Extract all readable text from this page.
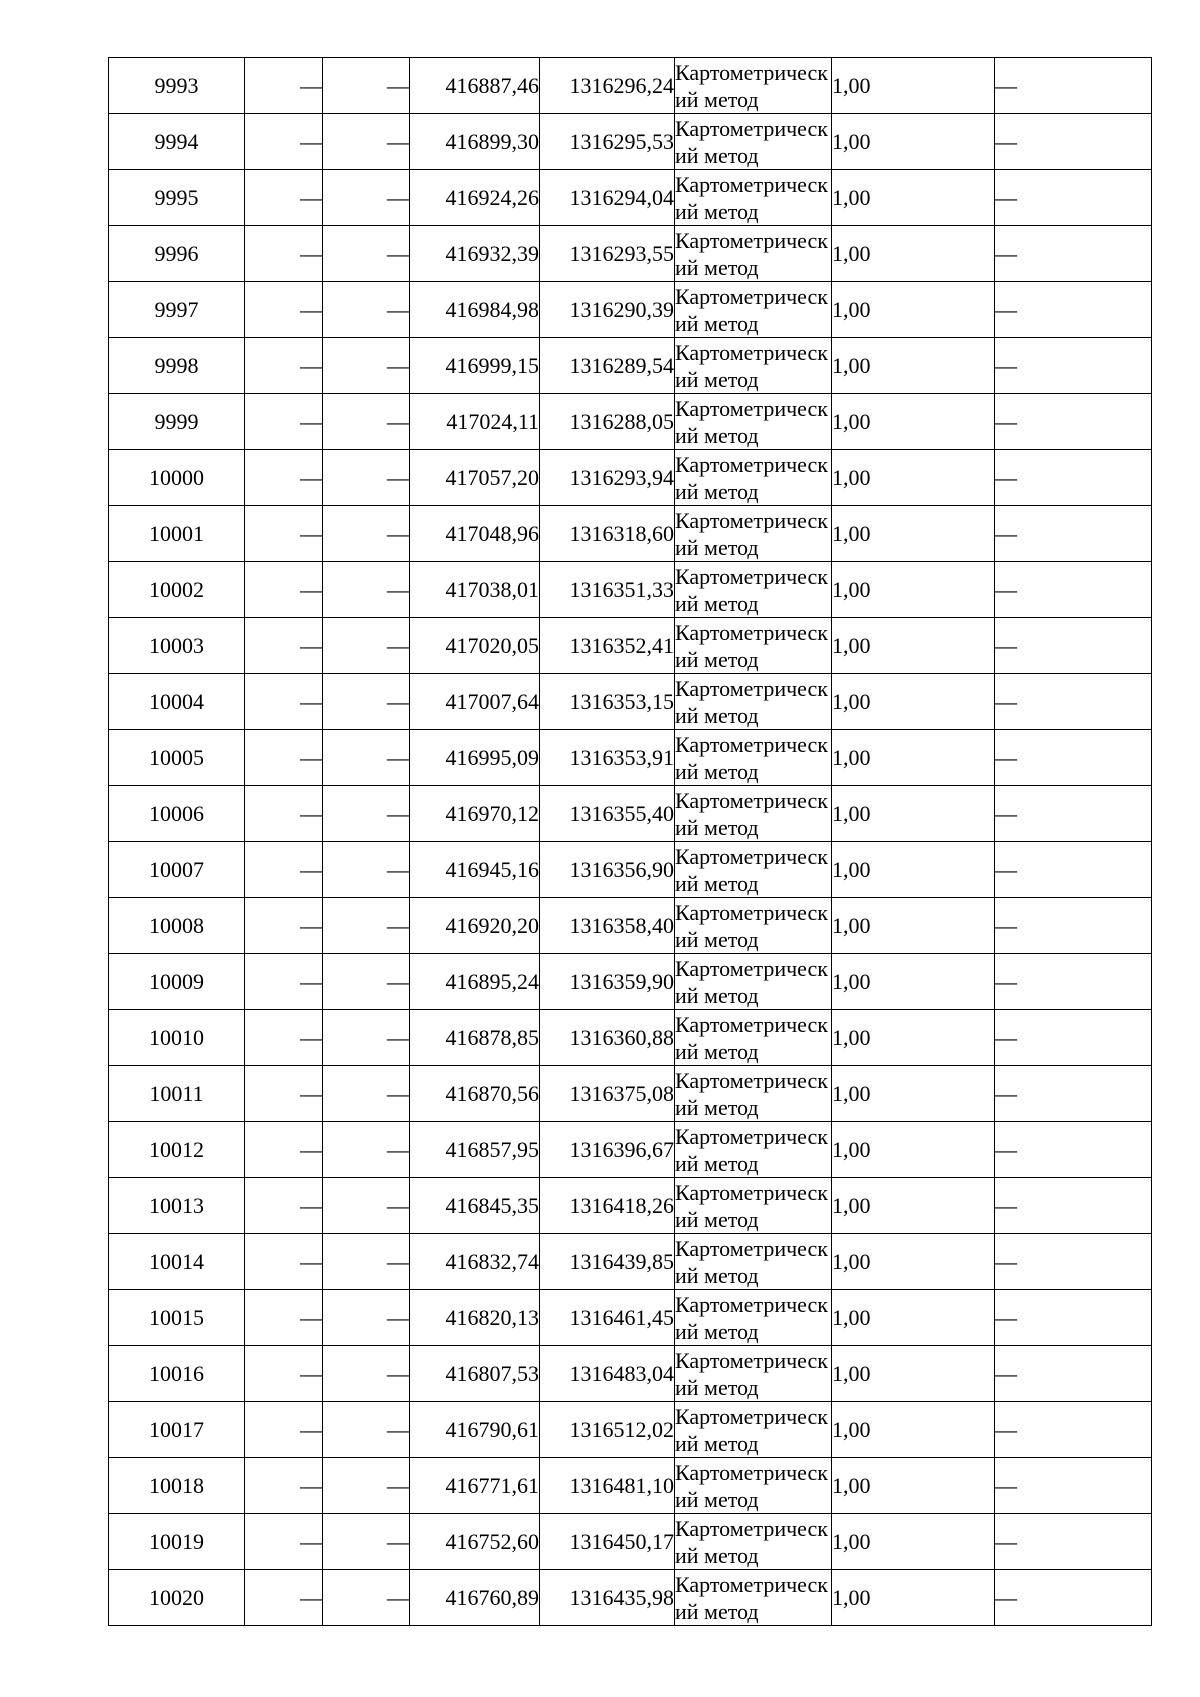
9993	—	—	416887,46	1316296,24	Картометрический метод	1,00	—
9994	—	—	416899,30	1316295,53	Картометрический метод	1,00	—
9995	—	—	416924,26	1316294,04	Картометрический метод	1,00	—
9996	—	—	416932,39	1316293,55	Картометрический метод	1,00	—
9997	—	—	416984,98	1316290,39	Картометрический метод	1,00	—
9998	—	—	416999,15	1316289,54	Картометрический метод	1,00	—
9999	—	—	417024,11	1316288,05	Картометрический метод	1,00	—
10000	—	—	417057,20	1316293,94	Картометрический метод	1,00	—
10001	—	—	417048,96	1316318,60	Картометрический метод	1,00	—
10002	—	—	417038,01	1316351,33	Картометрический метод	1,00	—
10003	—	—	417020,05	1316352,41	Картометрический метод	1,00	—
10004	—	—	417007,64	1316353,15	Картометрический метод	1,00	—
10005	—	—	416995,09	1316353,91	Картометрический метод	1,00	—
10006	—	—	416970,12	1316355,40	Картометрический метод	1,00	—
10007	—	—	416945,16	1316356,90	Картометрический метод	1,00	—
10008	—	—	416920,20	1316358,40	Картометрический метод	1,00	—
10009	—	—	416895,24	1316359,90	Картометрический метод	1,00	—
10010	—	—	416878,85	1316360,88	Картометрический метод	1,00	—
10011	—	—	416870,56	1316375,08	Картометрический метод	1,00	—
10012	—	—	416857,95	1316396,67	Картометрический метод	1,00	—
10013	—	—	416845,35	1316418,26	Картометрический метод	1,00	—
10014	—	—	416832,74	1316439,85	Картометрический метод	1,00	—
10015	—	—	416820,13	1316461,45	Картометрический метод	1,00	—
10016	—	—	416807,53	1316483,04	Картометрический метод	1,00	—
10017	—	—	416790,61	1316512,02	Картометрический метод	1,00	—
10018	—	—	416771,61	1316481,10	Картометрический метод	1,00	—
10019	—	—	416752,60	1316450,17	Картометрический метод	1,00	—
10020	—	—	416760,89	1316435,98	Картометрический метод	1,00	—
